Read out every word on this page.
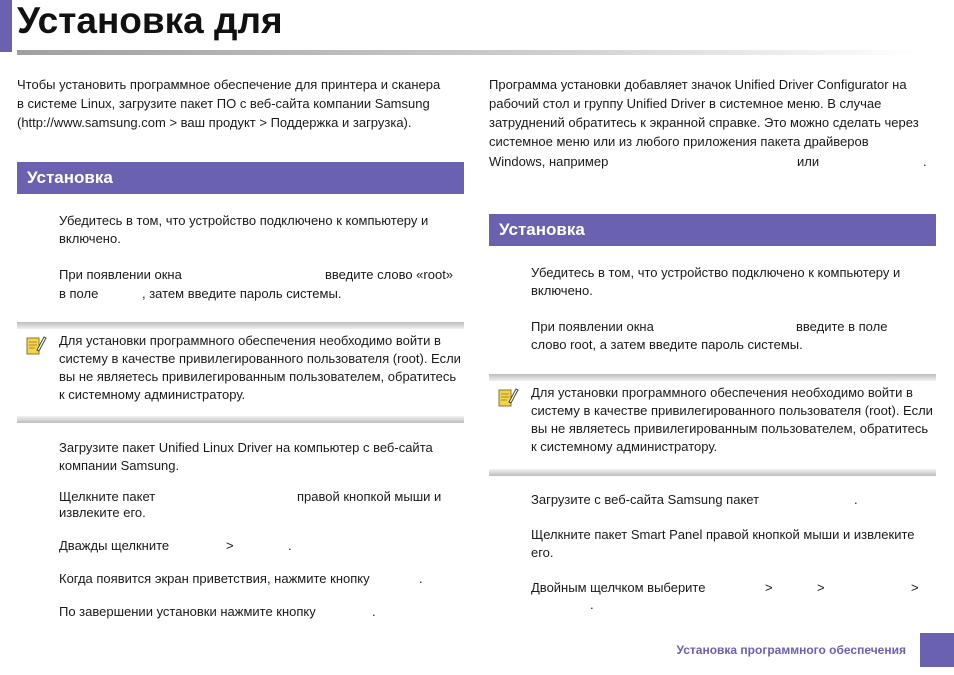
Установка для
Чтобы установить программное обеспечение для принтера и сканера
в системе Linux, загрузите пакет ПО с веб-сайта компании Samsung
(http://www.samsung.com > ваш продукт > Поддержка и загрузка).
Установка
Убедитесь в том, что устройство подключено к компьютеру и
включено.
При появлении окна	введите слово «root»
в поле	, затем введите пароль системы.
Для установки программного обеспечения необходимо войти в
систему в качестве привилегированного пользователя (root). Если
вы не являетесь привилегированным пользователем, обратитесь
к системному администратору.
Загрузите пакет Unified Linux Driver на компьютер с веб-сайта
компании Samsung.
Щелкните пакет	правой кнопкой мыши и
извлеките его.
Дважды щелкните	>	.
Когда появится экран приветствия, нажмите кнопку	.
По завершении установки нажмите кнопку	.
Программа установки добавляет значок Unified Driver Configurator на
рабочий стол и группу Unified Driver в системное меню. В случае
затруднений обратитесь к экранной справке. Это можно сделать через
системное меню или из любого приложения пакета драйверов
Windows, например	или	.
Установка
Убедитесь в том, что устройство подключено к компьютеру и
включено.
При появлении окна	введите в поле
слово root, а затем введите пароль системы.
Для установки программного обеспечения необходимо войти в
систему в качестве привилегированного пользователя (root). Если
вы не являетесь привилегированным пользователем, обратитесь
к системному администратору.
Загрузите с веб-сайта Samsung пакет	.
Щелкните пакет Smart Panel правой кнопкой мыши и извлеките
его.
Двойным щелчком выберите	>	>	>
.
Установка программного обеспечения
